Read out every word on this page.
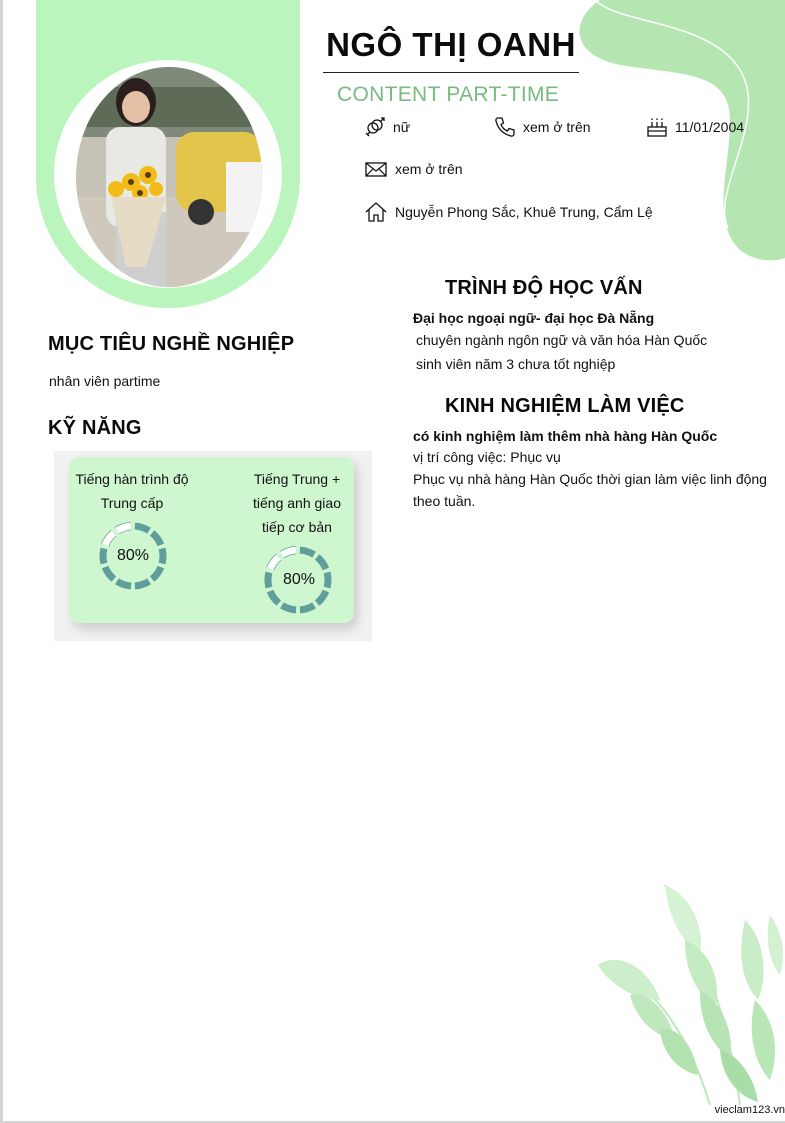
NGÔ THỊ OANH
CONTENT PART-TIME
nữ	xem ở trên	11/01/2004
xem ở trên
Nguyễn Phong Sắc, Khuê Trung, Cẩm Lệ
MỤC TIÊU NGHỀ NGHIỆP
nhân viên partime
KỸ NĂNG
Tiếng hàn trình độ
Trung cấp
80%
Tiếng Trung +
tiếng anh giao
tiếp cơ bản
80%
TRÌNH ĐỘ HỌC VẤN
Đại học ngoại ngữ- đại học Đà Nẵng
chuyên ngành ngôn ngữ và văn hóa Hàn Quốc
sinh viên năm 3 chưa tốt nghiệp
KINH NGHIỆM LÀM VIỆC
có kinh nghiệm làm thêm nhà hàng Hàn Quốc
vị trí công việc: Phục vụ
Phục vụ nhà hàng Hàn Quốc thời gian làm việc linh động
theo tuần.
vieclam123.vn
